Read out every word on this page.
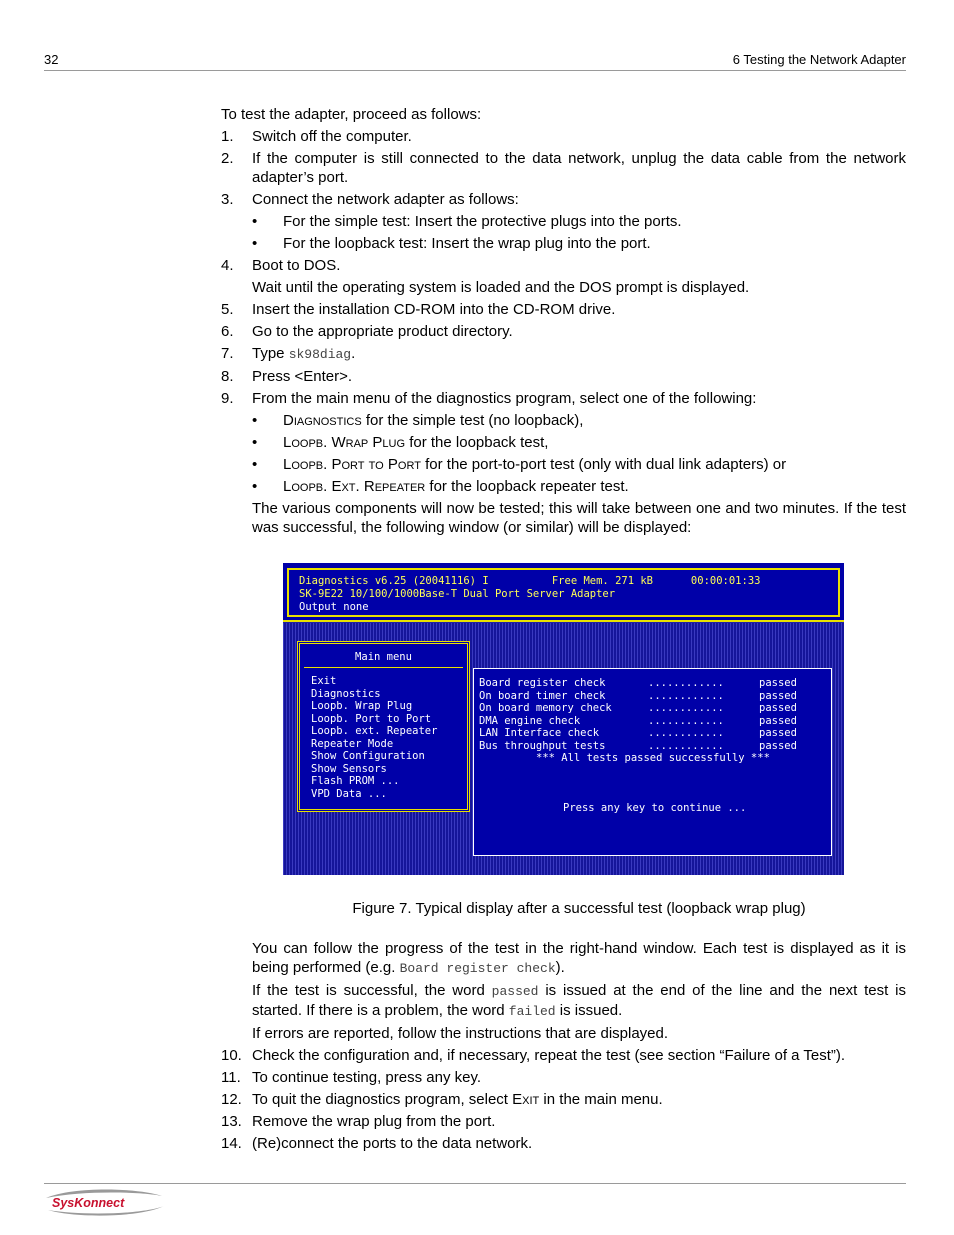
32	6 Testing the Network Adapter

To test the adapter, proceed as follows:

1. Switch off the computer.
2. If the computer is still connected to the data network, unplug the data cable from the network adapter’s port.
3. Connect the network adapter as follows:
• For the simple test: Insert the protective plugs into the ports.
• For the loopback test: Insert the wrap plug into the port.
4. Boot to DOS.
Wait until the operating system is loaded and the DOS prompt is displayed.
5. Insert the installation CD-ROM into the CD-ROM drive.
6. Go to the appropriate product directory.
7. Type sk98diag.
8. Press <Enter>.
9. From the main menu of the diagnostics program, select one of the following:
• Diagnostics for the simple test (no loopback),
• Loopb. Wrap Plug for the loopback test,
• Loopb. Port to Port for the port-to-port test (only with dual link adapters) or
• Loopb. Ext. Repeater for the loopback repeater test.
The various components will now be tested; this will take between one and two minutes. If the test was successful, the following window (or similar) will be displayed:
Diagnostics v6.25 (20041116) I          Free Mem. 271 kB      00:00:01:33
SK-9E22 10/100/1000Base-T Dual Port Server Adapter
Output none
Main menu
Exit
Diagnostics
Loopb. Wrap Plug
Loopb. Port to Port
Loopb. ext. Repeater
Repeater Mode
Show Configuration
Show Sensors
Flash PROM ...
VPD Data ...
Board register check	............	passed
On board timer check	............	passed
On board memory check	............	passed
DMA engine check	............	passed
LAN Interface check	............	passed
Bus throughput tests	............	passed
*** All tests passed successfully ***
Press any key to continue ...

Figure 7. Typical display after a successful test (loopback wrap plug)

You can follow the progress of the test in the right-hand window. Each test is displayed as it is being performed (e.g. Board register check).
If the test is successful, the word passed is issued at the end of the line and the next test is started. If there is a problem, the word failed is issued.
If errors are reported, follow the instructions that are displayed.
10. Check the configuration and, if necessary, repeat the test (see section “Failure of a Test”).
11. To continue testing, press any key.
12. To quit the diagnostics program, select Exit in the main menu.
13. Remove the wrap plug from the port.
14. (Re)connect the ports to the data network.
SysKonnect
